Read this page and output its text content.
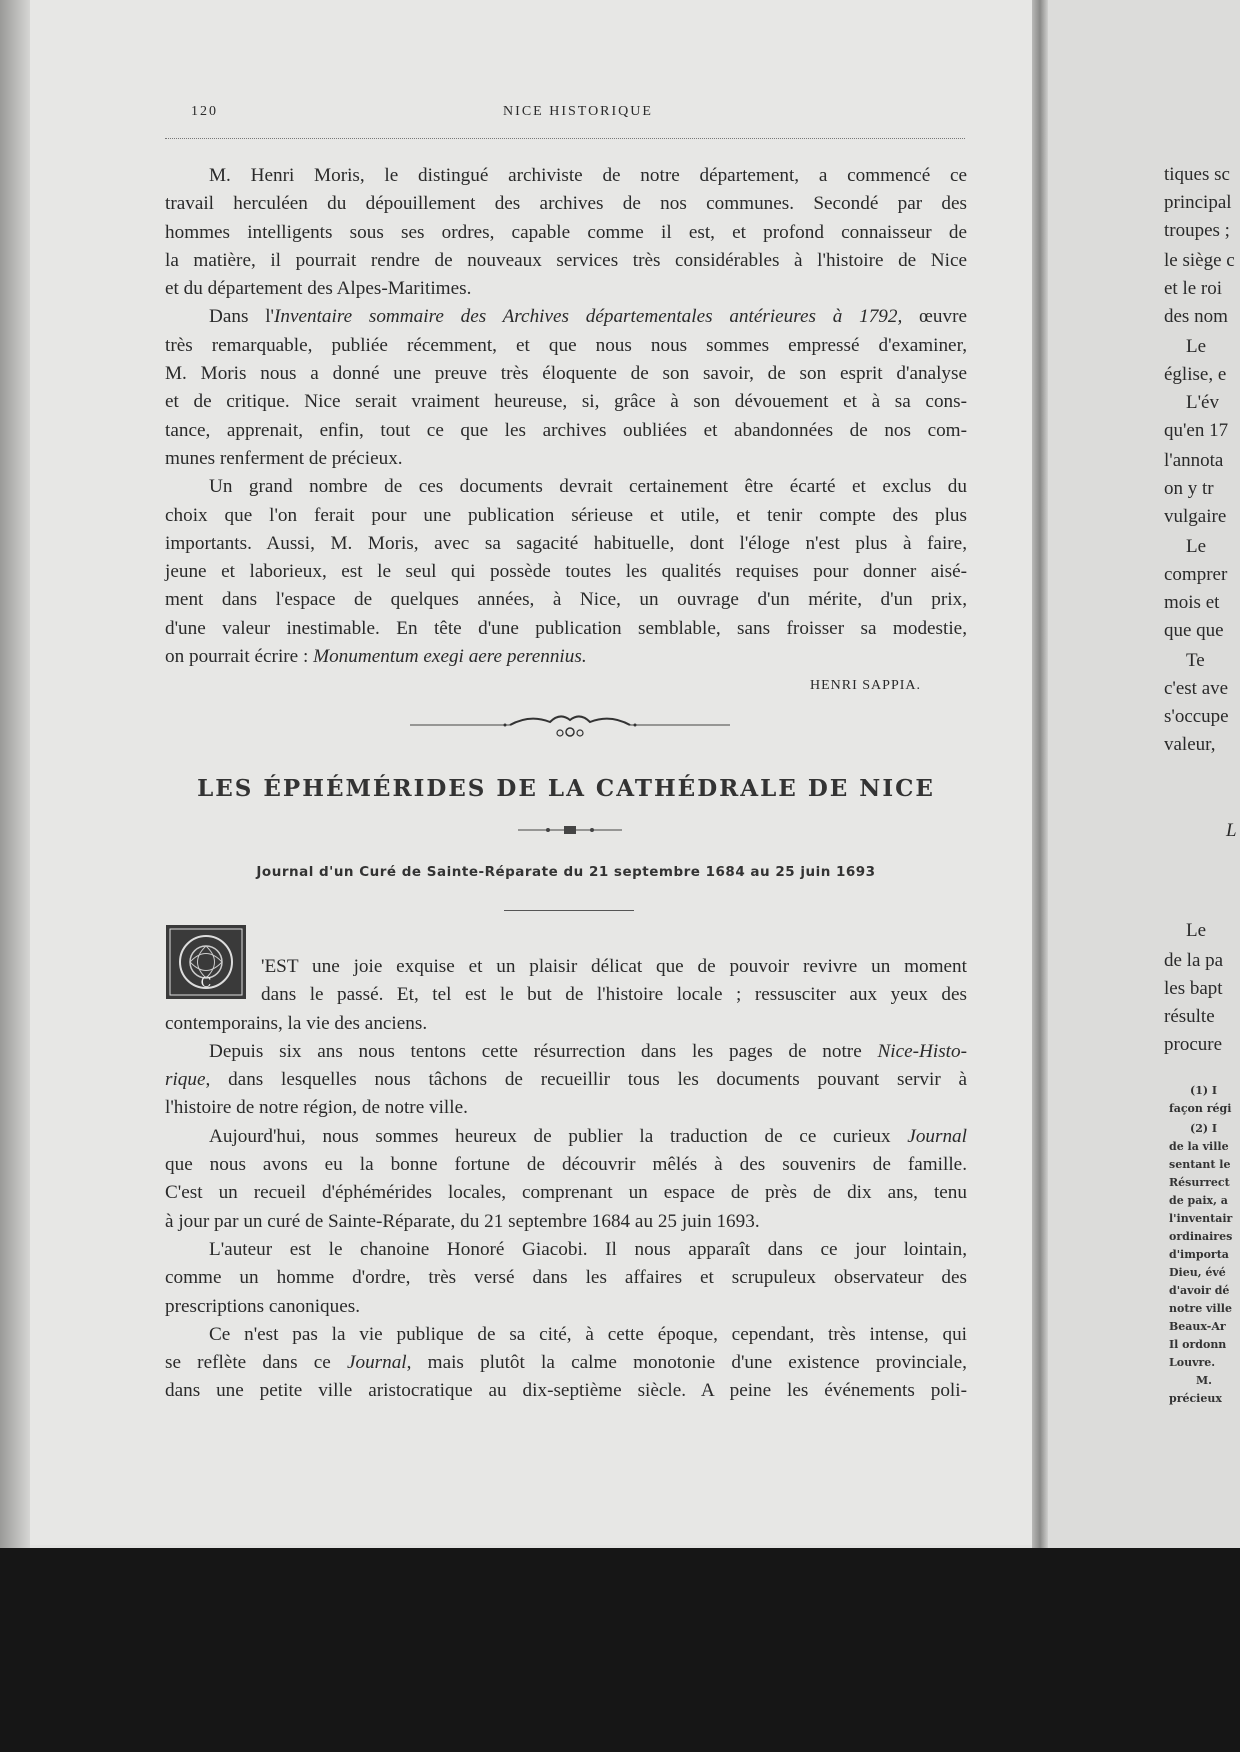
120	NICE HISTORIQUE
M. Henri Moris, le distingué archiviste de notre département, a commencé ce
travail herculéen du dépouillement des archives de nos communes. Secondé par des
hommes intelligents sous ses ordres, capable comme il est, et profond connaisseur de
la matière, il pourrait rendre de nouveaux services très considérables à l'histoire de Nice
et du département des Alpes-Maritimes.
Dans l'Inventaire sommaire des Archives départementales antérieures à 1792, œuvre
très remarquable, publiée récemment, et que nous nous sommes empressé d'examiner,
M. Moris nous a donné une preuve très éloquente de son savoir, de son esprit d'analyse
et de critique. Nice serait vraiment heureuse, si, grâce à son dévouement et à sa cons-
tance, apprenait, enfin, tout ce que les archives oubliées et abandonnées de nos com-
munes renferment de précieux.
Un grand nombre de ces documents devrait certainement être écarté et exclus du
choix que l'on ferait pour une publication sérieuse et utile, et tenir compte des plus
importants. Aussi, M. Moris, avec sa sagacité habituelle, dont l'éloge n'est plus à faire,
jeune et laborieux, est le seul qui possède toutes les qualités requises pour donner aisé-
ment dans l'espace de quelques années, à Nice, un ouvrage d'un mérite, d'un prix,
d'une valeur inestimable. En tête d'une publication semblable, sans froisser sa modestie,
on pourrait écrire : Monumentum exegi aere perennius.
HENRI SAPPIA.
LES ÉPHÉMÉRIDES DE LA CATHÉDRALE DE NICE
Journal d'un Curé de Sainte-Réparate du 21 septembre 1684 au 25 juin 1693
C
'EST une joie exquise et un plaisir délicat que de pouvoir revivre un moment
dans le passé. Et, tel est le but de l'histoire locale ; ressusciter aux yeux des
contemporains, la vie des anciens.
Depuis six ans nous tentons cette résurrection dans les pages de notre Nice-Histo-
rique, dans lesquelles nous tâchons de recueillir tous les documents pouvant servir à
l'histoire de notre région, de notre ville.
Aujourd'hui, nous sommes heureux de publier la traduction de ce curieux Journal
que nous avons eu la bonne fortune de découvrir mêlés à des souvenirs de famille.
C'est un recueil d'éphémérides locales, comprenant un espace de près de dix ans, tenu
à jour par un curé de Sainte-Réparate, du 21 septembre 1684 au 25 juin 1693.
L'auteur est le chanoine Honoré Giacobi. Il nous apparaît dans ce jour lointain,
comme un homme d'ordre, très versé dans les affaires et scrupuleux observateur des
prescriptions canoniques.
Ce n'est pas la vie publique de sa cité, à cette époque, cependant, très intense, qui
se reflète dans ce Journal, mais plutôt la calme monotonie d'une existence provinciale,
dans une petite ville aristocratique au dix-septième siècle. A peine les événements poli-
tiques sc
principal
troupes ;
le siège c
et le roi
des nom
Le
église, e
L'év
qu'en 17
l'annota
on y tr
vulgaire
Le
comprer
mois et
que que
Te
c'est ave
s'occupe
valeur,
L
Le
de la pa
les bapt
résulte
procure
(1) I
façon régi
(2) I
de la ville
sentant le
Résurrect
de paix, a
l'inventair
ordinaires
d'importa
Dieu, évé
d'avoir dé
notre ville
Beaux-Ar
Il ordonn
Louvre.
M.
précieux
